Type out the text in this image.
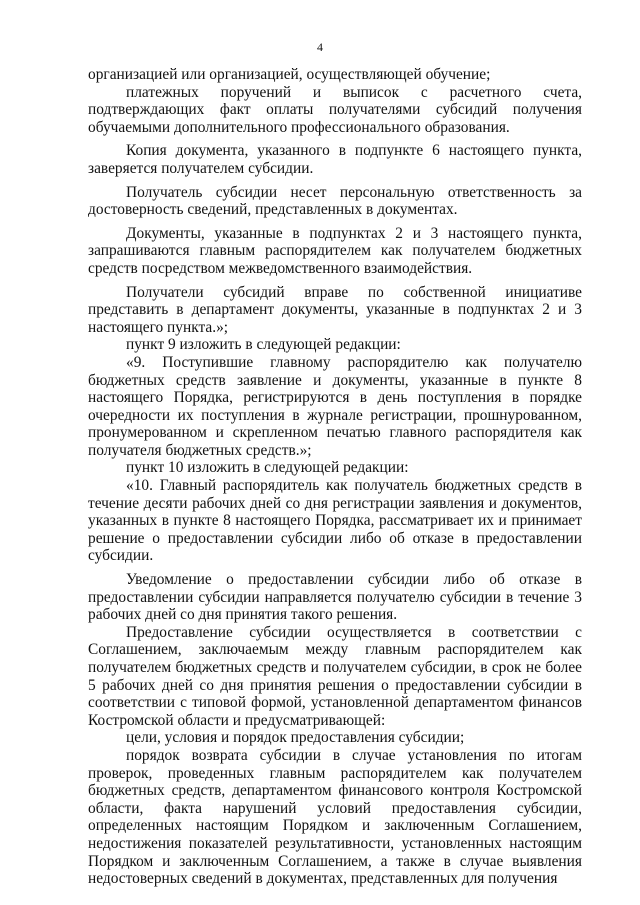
4

организацией или организацией, осуществляющей обучение;

платежных поручений и выписок с расчетного счета, подтверждающих факт оплаты получателями субсидий получения обучаемыми дополнительного профессионального образования.

Копия документа, указанного в подпункте 6 настоящего пункта, заверяется получателем субсидии.

Получатель субсидии несет персональную ответственность за достоверность сведений, представленных в документах.

Документы, указанные в подпунктах 2 и 3 настоящего пункта, запрашиваются главным распорядителем как получателем бюджетных средств посредством межведомственного взаимодействия.

Получатели субсидий вправе по собственной инициативе представить в департамент документы, указанные в подпунктах 2 и 3 настоящего пункта.»;

пункт 9 изложить в следующей редакции:

«9. Поступившие главному распорядителю как получателю бюджетных средств заявление и документы, указанные в пункте 8 настоящего Порядка, регистрируются в день поступления в порядке очередности их поступления в журнале регистрации, прошнурованном, пронумерованном и скрепленном печатью главного распорядителя как получателя бюджетных средств.»;

пункт 10 изложить в следующей редакции:

«10. Главный распорядитель как получатель бюджетных средств в течение десяти рабочих дней со дня регистрации заявления и документов, указанных в пункте 8 настоящего Порядка, рассматривает их и принимает решение о предоставлении субсидии либо об отказе в предоставлении субсидии.

Уведомление о предоставлении субсидии либо об отказе в предоставлении субсидии направляется получателю субсидии в течение 3 рабочих дней со дня принятия такого решения.

Предоставление субсидии осуществляется в соответствии с Соглашением, заключаемым между главным распорядителем как получателем бюджетных средств и получателем субсидии, в срок не более 5 рабочих дней со дня принятия решения о предоставлении субсидии в соответствии с типовой формой, установленной департаментом финансов Костромской области и предусматривающей:

цели, условия и порядок предоставления субсидии;

порядок возврата субсидии в случае установления по итогам проверок, проведенных главным распорядителем как получателем бюджетных средств, департаментом финансового контроля Костромской области, факта нарушений условий предоставления субсидии, определенных настоящим Порядком и заключенным Соглашением, недостижения показателей результативности, установленных настоящим Порядком и заключенным Соглашением, а также в случае выявления недостоверных сведений в документах, представленных для получения
